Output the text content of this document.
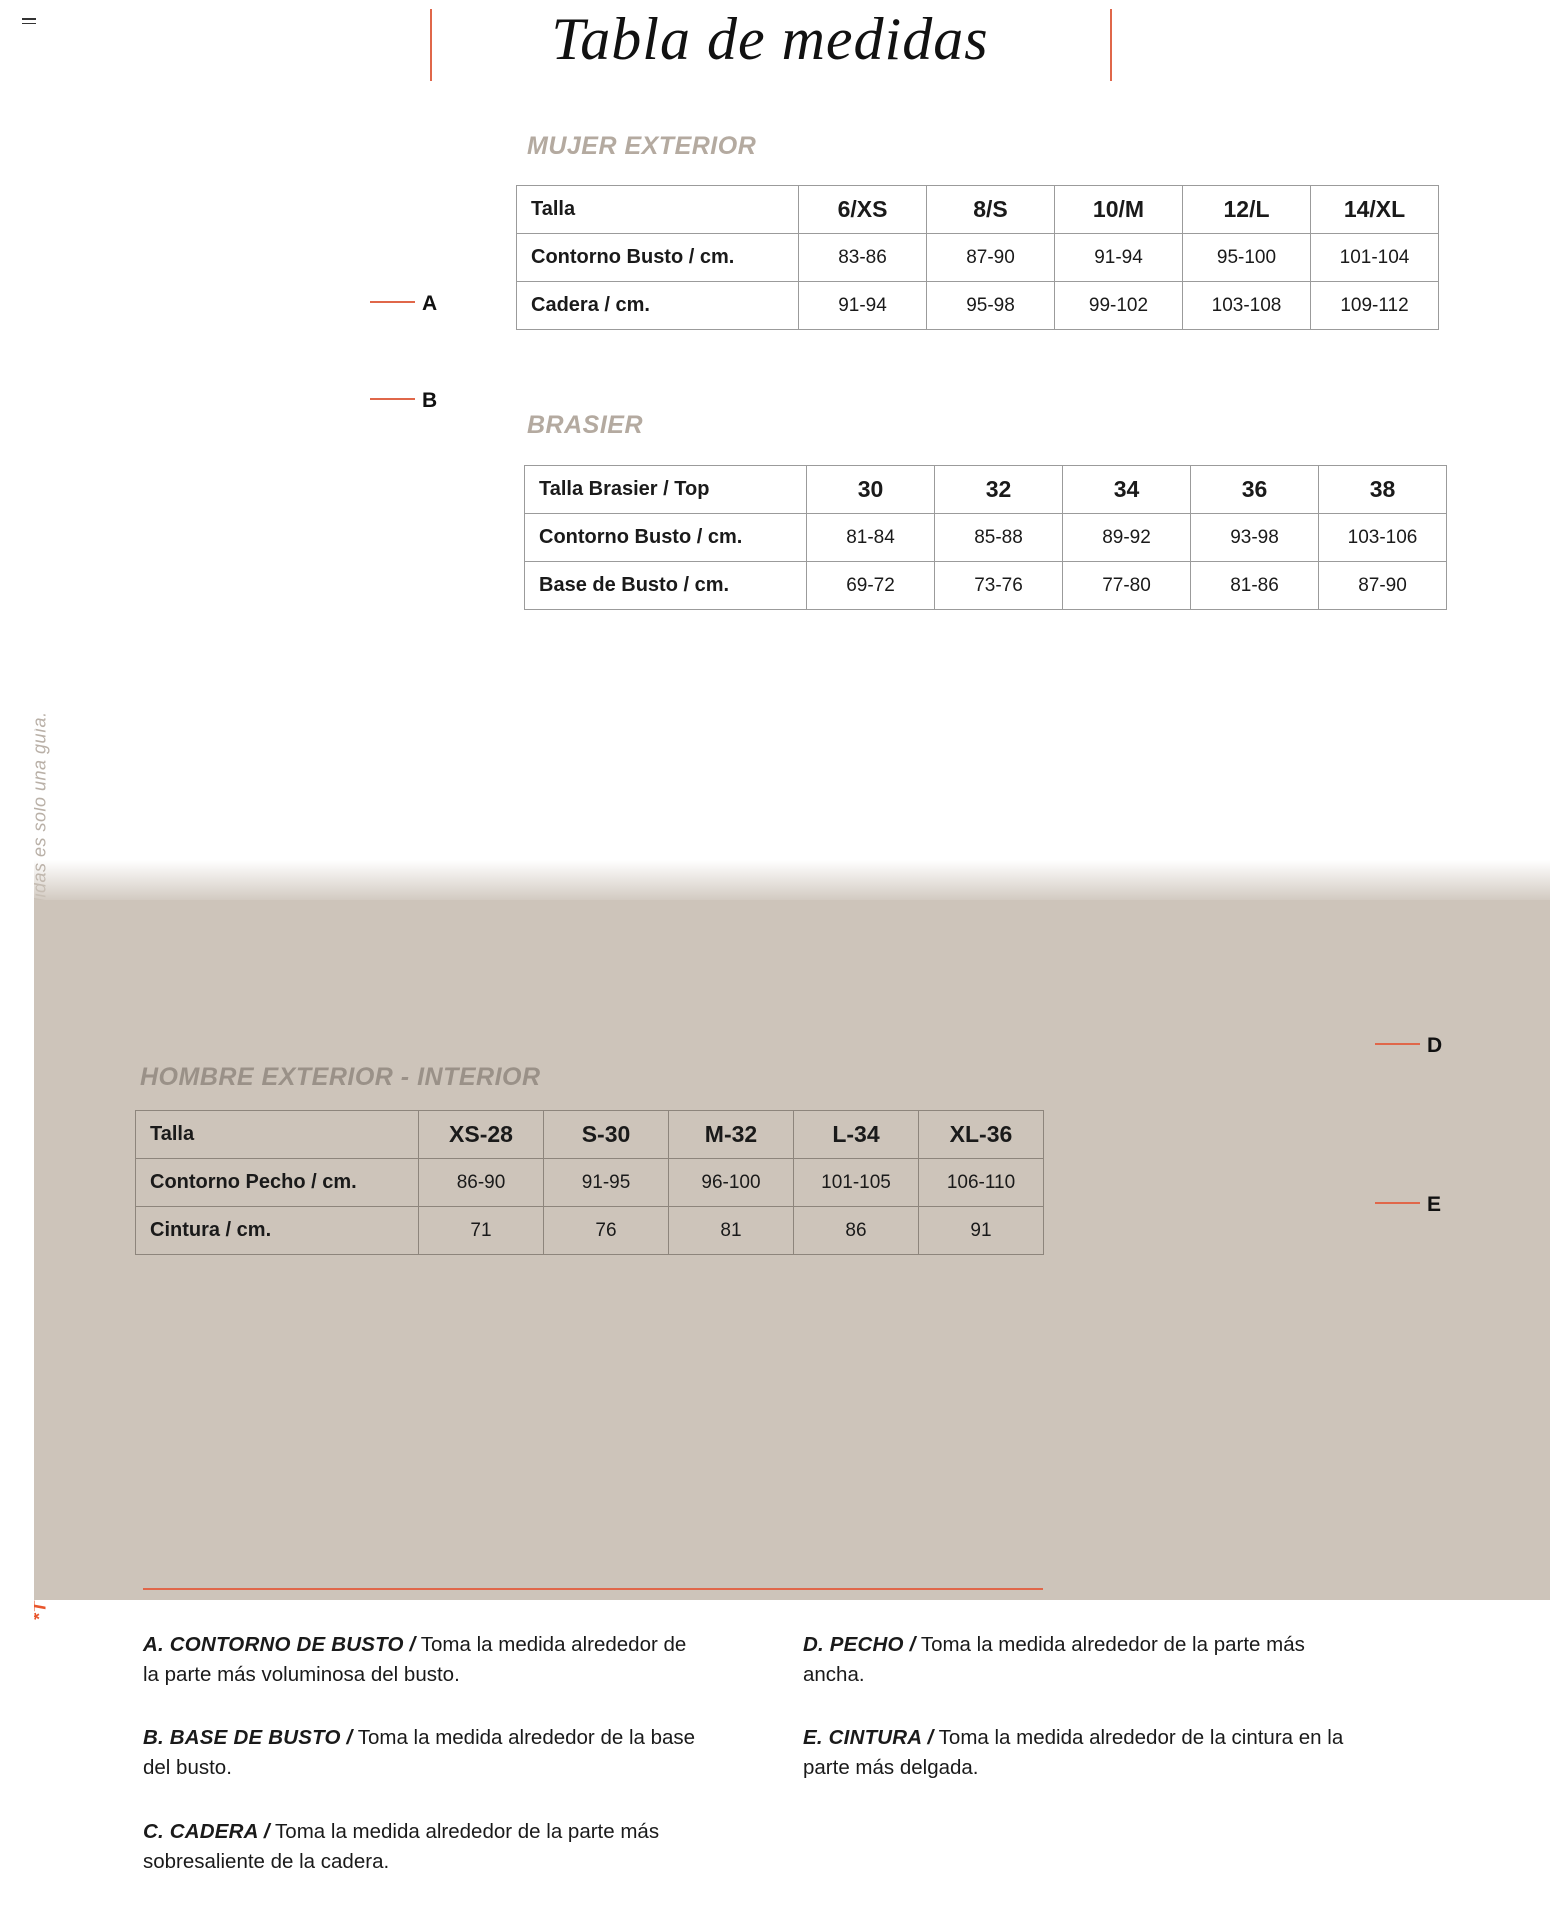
Tabla de medidas
MUJER EXTERIOR
Talla	6/XS	8/S	10/M	12/L	14/XL
Contorno Busto / cm.	83-86	87-90	91-94	95-100	101-104
Cadera / cm.	91-94	95-98	99-102	103-108	109-112
BRASIER
Talla Brasier / Top	30	32	34	36	38
Contorno Busto / cm.	81-84	85-88	89-92	93-98	103-106
Base de Busto / cm.	69-72	73-76	77-80	81-86	87-90
HOMBRE EXTERIOR - INTERIOR
Talla	XS-28	S-30	M-32	L-34	XL-36
Contorno Pecho / cm.	86-90	91-95	96-100	101-105	106-110
Cintura / cm.	71	76	81	86	91
A
B
D
E
A. CONTORNO DE BUSTO / Toma la medida alrededor de la parte más voluminosa del busto.
B. BASE DE BUSTO / Toma la medida alrededor de la base del busto.
C. CADERA / Toma la medida alrededor de la parte más sobresaliente de la cadera.
D. PECHO / Toma la medida alrededor de la parte más ancha.
E. CINTURA / Toma la medida alrededor de la cintura en la parte más delgada.
